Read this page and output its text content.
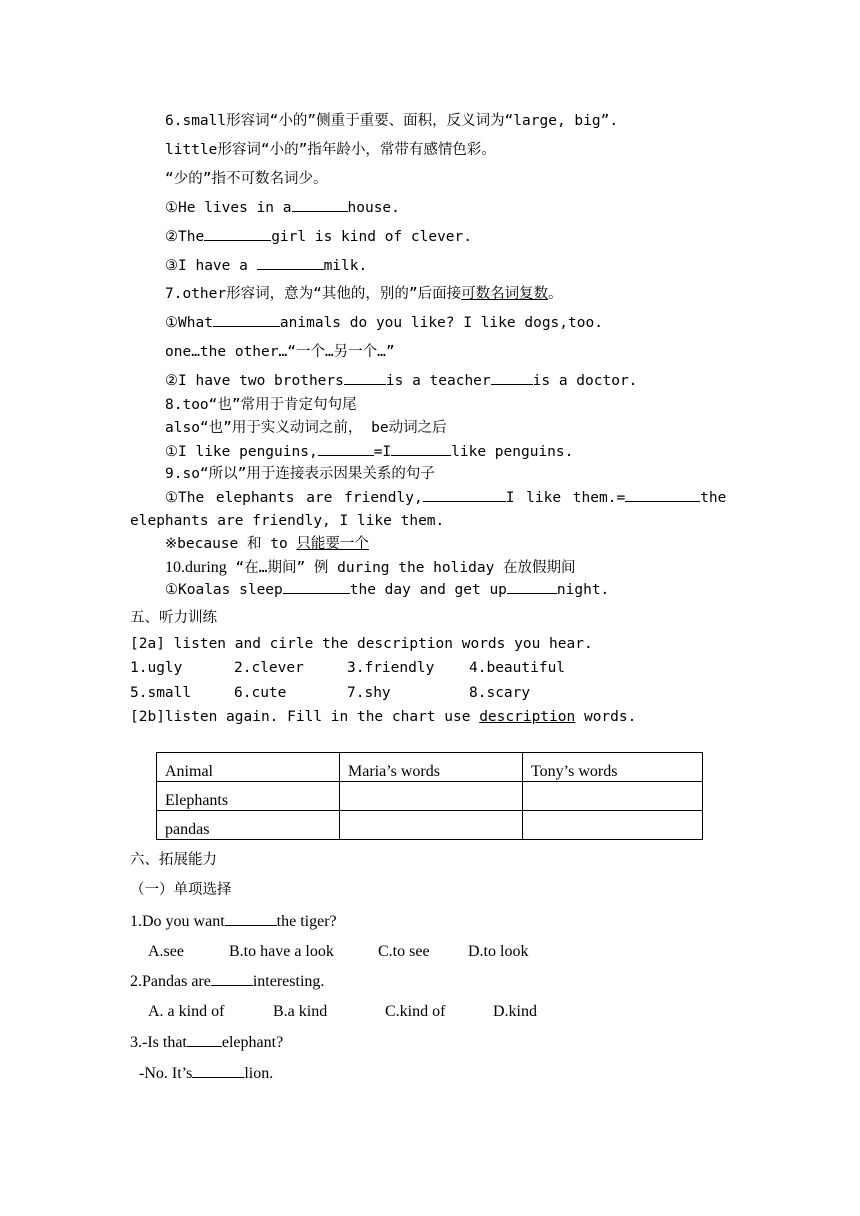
6.small形容词“小的”侧重于重要、面积，反义词为“large, big”.
little形容词“小的”指年龄小，常带有感情色彩。
“少的”指不可数名词少。
①He lives in a	house.
②The	girl is kind of clever.
③I have a	milk.
7.other形容词，意为“其他的，别的”后面接可数名词复数。
①What	animals do you like? I like dogs,too.
one…the other…“一个…另一个…”
②I have two brothers	is a teacher	is a doctor.
8.too“也”常用于肯定句句尾
also“也”用于实义动词之前， be动词之后
①I like penguins,	=I	like penguins.
9.so“所以”用于连接表示因果关系的句子
①The elephants are friendly,	I like them.=	the
elephants are friendly, I like them.
※because 和 to 只能要一个
10.during “在…期间” 例 during the holiday 在放假期间
①Koalas sleep	the day and get up	night.
五、听力训练
[2a] listen and cirle the description words you hear.
1.ugly	2.clever	3.friendly 4.beautiful
5.small	6.cute	7.shy	8.scary
[2b]listen again. Fill in the chart use description words.
Animal	Maria’s words	Tony’s words
Elephants		
pandas		
六、拓展能力
（一）单项选择
1.Do you want	the tiger?
A.see	B.to have a look	C.to see D.to look
2.Pandas are	interesting.
A. a kind of	B.a kind	C.kind of	D.kind
3.-Is that elephant?
-No. It’s	lion.
